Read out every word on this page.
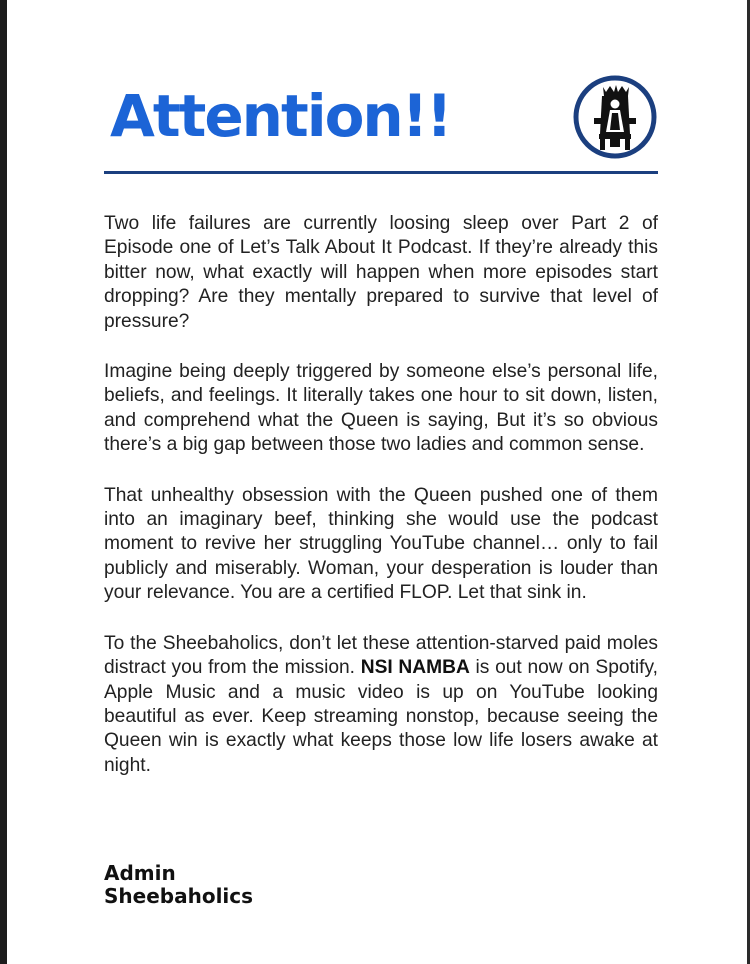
Attention!!

Two life failures are currently loosing sleep over Part 2 of Episode one of Let’s Talk About It Podcast. If they’re already this bitter now, what exactly will happen when more episodes start dropping? Are they mentally prepared to survive that level of pressure?

Imagine being deeply triggered by someone else’s personal life, beliefs, and feelings. It literally takes one hour to sit down, listen, and comprehend what the Queen is saying, But it’s so obvious there’s a big gap between those two ladies and common sense.

That unhealthy obsession with the Queen pushed one of them into an imaginary beef, thinking she would use the podcast moment to revive her struggling YouTube channel… only to fail publicly and miserably. Woman, your desperation is louder than your relevance. You are a certified FLOP. Let that sink in.

To the Sheebaholics, don’t let these attention-starved paid moles distract you from the mission. NSI NAMBA is out now on Spotify, Apple Music and a music video is up on YouTube looking beautiful as ever. Keep streaming nonstop, because seeing the Queen win is exactly what keeps those low life losers awake at night.

Admin
Sheebaholics
